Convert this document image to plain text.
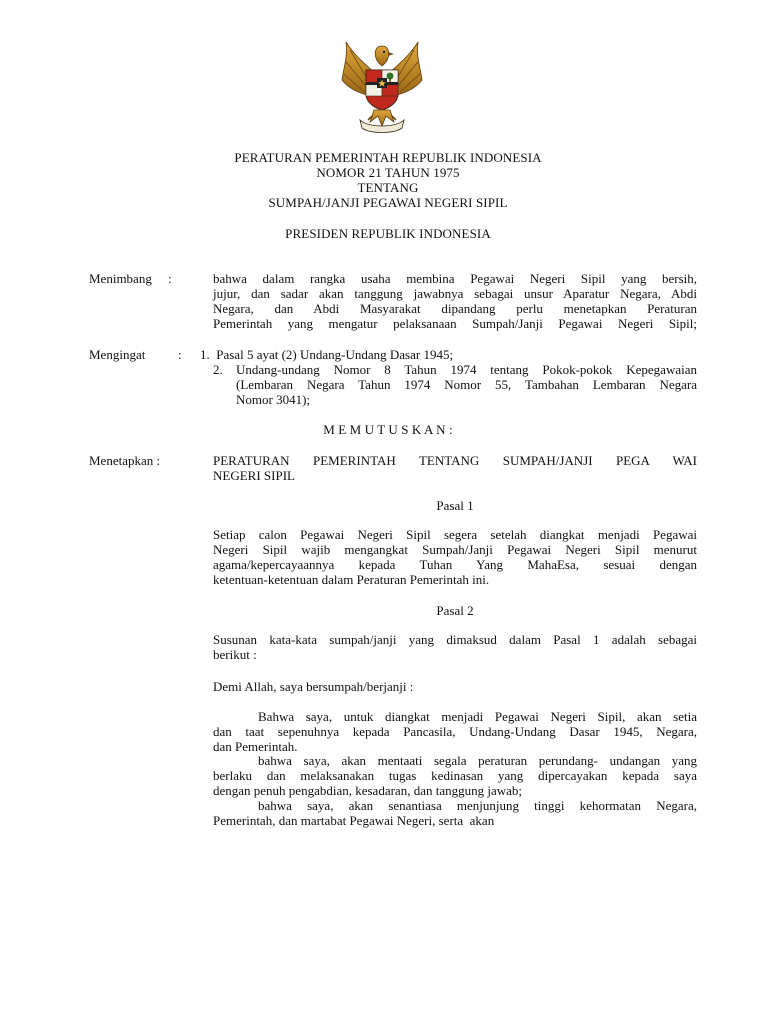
PERATURAN PEMERINTAH REPUBLIK INDONESIA
NOMOR 21 TAHUN 1975
TENTANG
SUMPAH/JANJI PEGAWAI NEGERI SIPIL
PRESIDEN REPUBLIK INDONESIA
Menimbang :	bahwa dalam rangka usaha membina Pegawai Negeri Sipil yang bersih,
jujur, dan sadar akan tanggung jawabnya sebagai unsur Aparatur Negara, Abdi
Negara, dan Abdi Masyarakat dipandang perlu menetapkan Peraturan
Pemerintah yang mengatur pelaksanaan Sumpah/Janji Pegawai Negeri Sipil;
Mengingat	: 1.  Pasal 5 ayat (2) Undang-Undang Dasar 1945;
2. Undang-undang Nomor 8 Tahun 1974 tentang Pokok-pokok Kepegawaian
(Lembaran Negara Tahun 1974 Nomor 55, Tambahan Lembaran Negara
Nomor 3041);
M E M U T U S K A N :
Menetapkan :	PERATURAN PEMERINTAH TENTANG SUMPAH/JANJI PEGA WAI
NEGERI SIPIL
Pasal 1
Setiap calon Pegawai Negeri Sipil segera setelah diangkat menjadi Pegawai
Negeri Sipil wajib mengangkat Sumpah/Janji Pegawai Negeri Sipil menurut
agama/kepercayaannya kepada Tuhan Yang MahaEsa, sesuai dengan
ketentuan-ketentuan dalam Peraturan Pemerintah ini.
Pasal 2
Susunan kata-kata sumpah/janji yang dimaksud dalam Pasal 1 adalah sebagai
berikut :
Demi Allah, saya bersumpah/berjanji :
Bahwa saya, untuk diangkat menjadi Pegawai Negeri Sipil, akan setia
dan taat sepenuhnya kepada Pancasila, Undang-Undang Dasar 1945, Negara,
dan Pemerintah.
bahwa saya, akan mentaati segala peraturan perundang- undangan yang
berlaku dan melaksanakan tugas kedinasan yang dipercayakan kepada saya
dengan penuh pengabdian, kesadaran, dan tanggung jawab;
bahwa saya, akan senantiasa menjunjung tinggi kehormatan Negara,
Pemerintah, dan martabat Pegawai Negeri, serta  akan
